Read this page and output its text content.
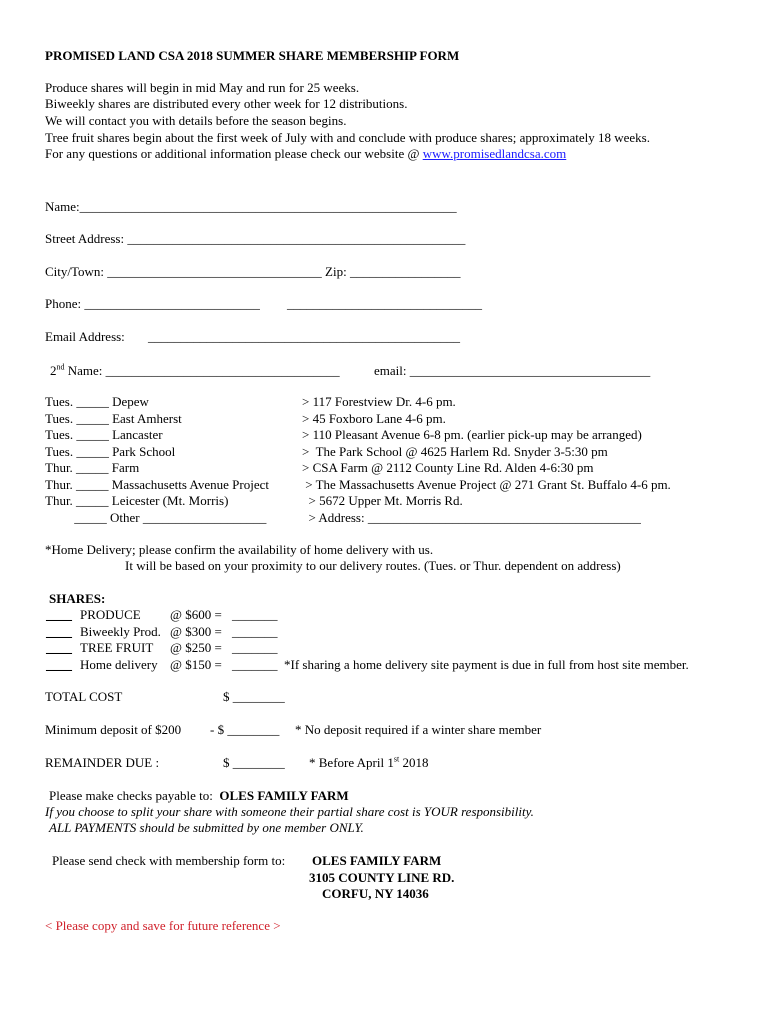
PROMISED LAND CSA 2018 SUMMER SHARE MEMBERSHIP FORM
Produce shares will begin in mid May and run for 25 weeks.
Biweekly shares are distributed every other week for 12 distributions.
We will contact you with details before the season begins.
Tree fruit shares begin about the first week of July with and conclude with produce shares; approximately 18 weeks.
For any questions or additional information please check our website @ www.promisedlandcsa.com
Name:__________________________________________________________
Street Address: ____________________________________________________
City/Town: _________________________________ Zip: _________________
Phone: ___________________________ ______________________________
Email Address: ________________________________________________
2nd Name: ____________________________________	email: _____________________________________
Tues. _____ Depew	> 117 Forestview Dr. 4-6 pm.
Tues. _____ East Amherst	> 45 Foxboro Lane 4-6 pm.
Tues. _____ Lancaster	> 110 Pleasant Avenue 6-8 pm. (earlier pick-up may be arranged)
Tues. _____ Park School	>  The Park School @ 4625 Harlem Rd. Snyder 3-5:30 pm
Thur. _____ Farm	> CSA Farm @ 2112 County Line Rd. Alden 4-6:30 pm
Thur. _____ Massachusetts Avenue Project	> The Massachusetts Avenue Project @ 271 Grant St. Buffalo 4-6 pm.
Thur. _____ Leicester (Mt. Morris)	> 5672 Upper Mt. Morris Rd.
_____ Other ___________________	> Address: __________________________________________
*Home Delivery; please confirm the availability of home delivery with us.
It will be based on your proximity to our delivery routes. (Tues. or Thur. dependent on address)
SHARES:
____ PRODUCE @ $600 = _______
____ Biweekly Prod. @ $300 = _______
____ TREE FRUIT @ $250 = _______
____ Home delivery @ $150 = _______ *If sharing a home delivery site payment is due in full from host site member.
TOTAL COST	$ ________
Minimum deposit of $200 - $ ________ * No deposit required if a winter share member
REMAINDER DUE :	$ ________ * Before April 1st 2018
Please make checks payable to: OLES FAMILY FARM
If you choose to split your share with someone their partial share cost is YOUR responsibility.
ALL PAYMENTS should be submitted by one member ONLY.
Please send check with membership form to: OLES FAMILY FARM
3105 COUNTY LINE RD.
CORFU, NY 14036
< Please copy and save for future reference >
